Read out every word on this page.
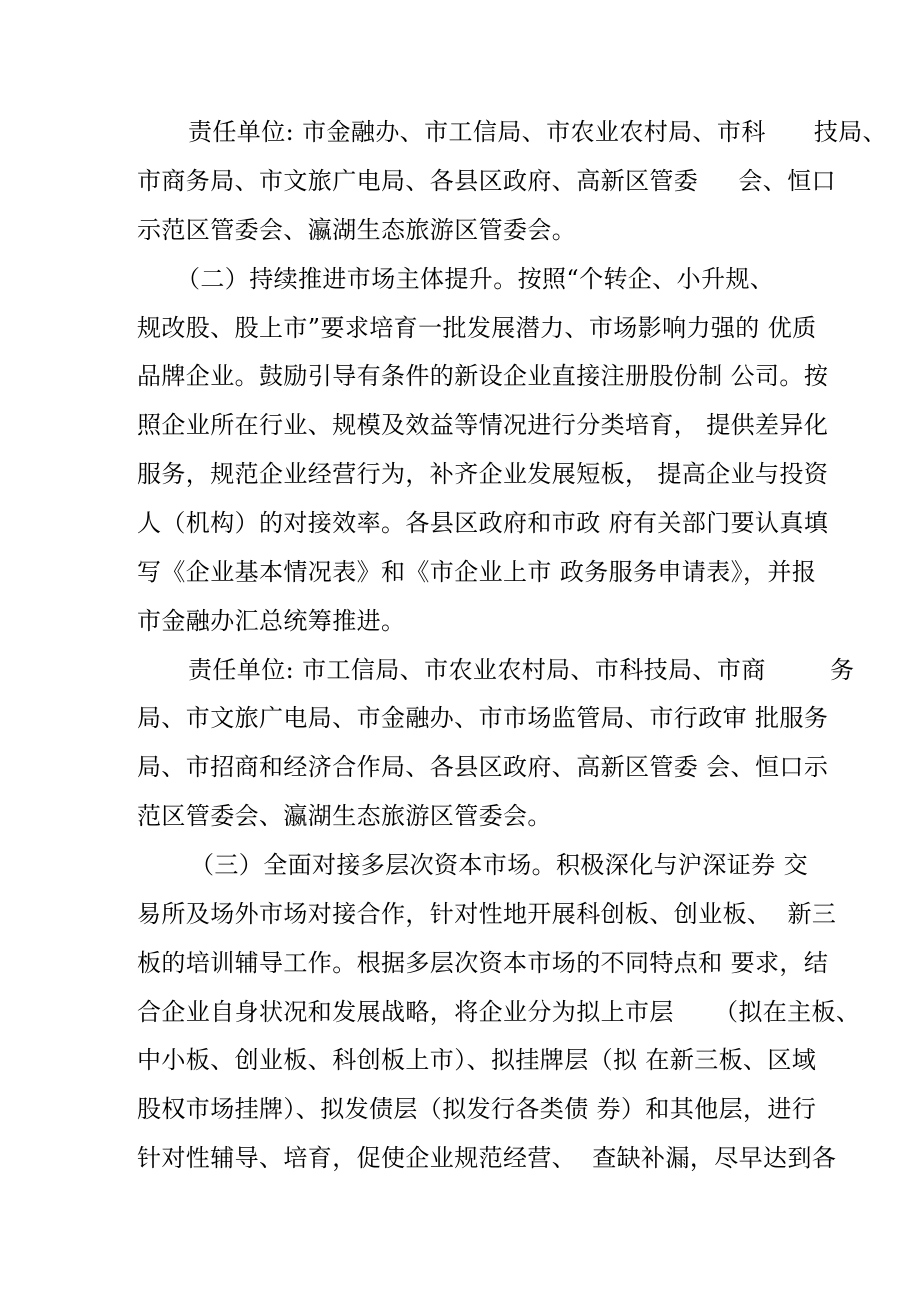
责任单位: 市金融办、市工信局、市农业农村局、市科      技局、
市商务局、市文旅广电局、各县区政府、高新区管委     会、恒口
示范区管委会、瀛湖生态旅游区管委会。
（二）持续推进市场主体提升。按照“个转企、小升规、
规改股、股上市”要求培育一批发展潜力、市场影响力强的 优质
品牌企业。鼓励引导有条件的新设企业直接注册股份制 公司。按
照企业所在行业、规模及效益等情况进行分类培育， 提供差异化
服务，规范企业经营行为，补齐企业发展短板， 提高企业与投资
人（机构）的对接效率。各县区政府和市政 府有关部门要认真填
写《企业基本情况表》和《市企业上市 政务服务申请表》，并报
市金融办汇总统筹推进。
责任单位: 市工信局、市农业农村局、市科技局、市商        务
局、市文旅广电局、市金融办、市市场监管局、市行政审 批服务
局、市招商和经济合作局、各县区政府、高新区管委 会、恒口示
范区管委会、瀛湖生态旅游区管委会。
（三）全面对接多层次资本市场。积极深化与沪深证券 交
易所及场外市场对接合作，针对性地开展科创板、创业板、  新三
板的培训辅导工作。根据多层次资本市场的不同特点和 要求，结
合企业自身状况和发展战略，将企业分为拟上市层     （拟在主板、
中小板、创业板、科创板上市）、拟挂牌层（拟 在新三板、区域
股权市场挂牌）、拟发债层（拟发行各类债 券）和其他层，进行
针对性辅导、培育，促使企业规范经营、  查缺补漏，尽早达到各
